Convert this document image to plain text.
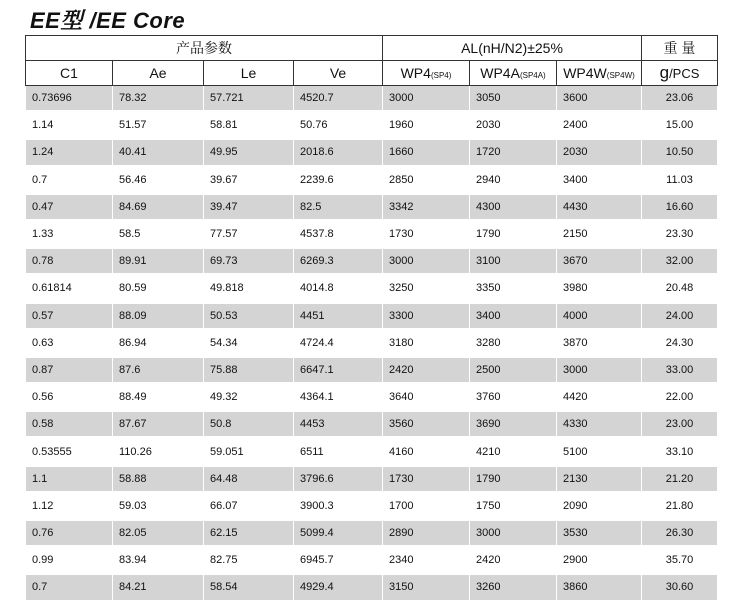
EE型 /EE Core
产品参数				AL(nH/N2)±25%			重 量
C1	Ae	Le	Ve	WP4(SP4)	WP4A(SP4A)	WP4W(SP4W)	g/PCS
0.73696	78.32	57.721	4520.7	3000	3050	3600	23.06
1.14	51.57	58.81	50.76	1960	2030	2400	15.00
1.24	40.41	49.95	2018.6	1660	1720	2030	10.50
0.7	56.46	39.67	2239.6	2850	2940	3400	11.03
0.47	84.69	39.47	82.5	3342	4300	4430	16.60
1.33	58.5	77.57	4537.8	1730	1790	2150	23.30
0.78	89.91	69.73	6269.3	3000	3100	3670	32.00
0.61814	80.59	49.818	4014.8	3250	3350	3980	20.48
0.57	88.09	50.53	4451	3300	3400	4000	24.00
0.63	86.94	54.34	4724.4	3180	3280	3870	24.30
0.87	87.6	75.88	6647.1	2420	2500	3000	33.00
0.56	88.49	49.32	4364.1	3640	3760	4420	22.00
0.58	87.67	50.8	4453	3560	3690	4330	23.00
0.53555	110.26	59.051	6511	4160	4210	5100	33.10
1.1	58.88	64.48	3796.6	1730	1790	2130	21.20
1.12	59.03	66.07	3900.3	1700	1750	2090	21.80
0.76	82.05	62.15	5099.4	2890	3000	3530	26.30
0.99	83.94	82.75	6945.7	2340	2420	2900	35.70
0.7	84.21	58.54	4929.4	3150	3260	3860	30.60
